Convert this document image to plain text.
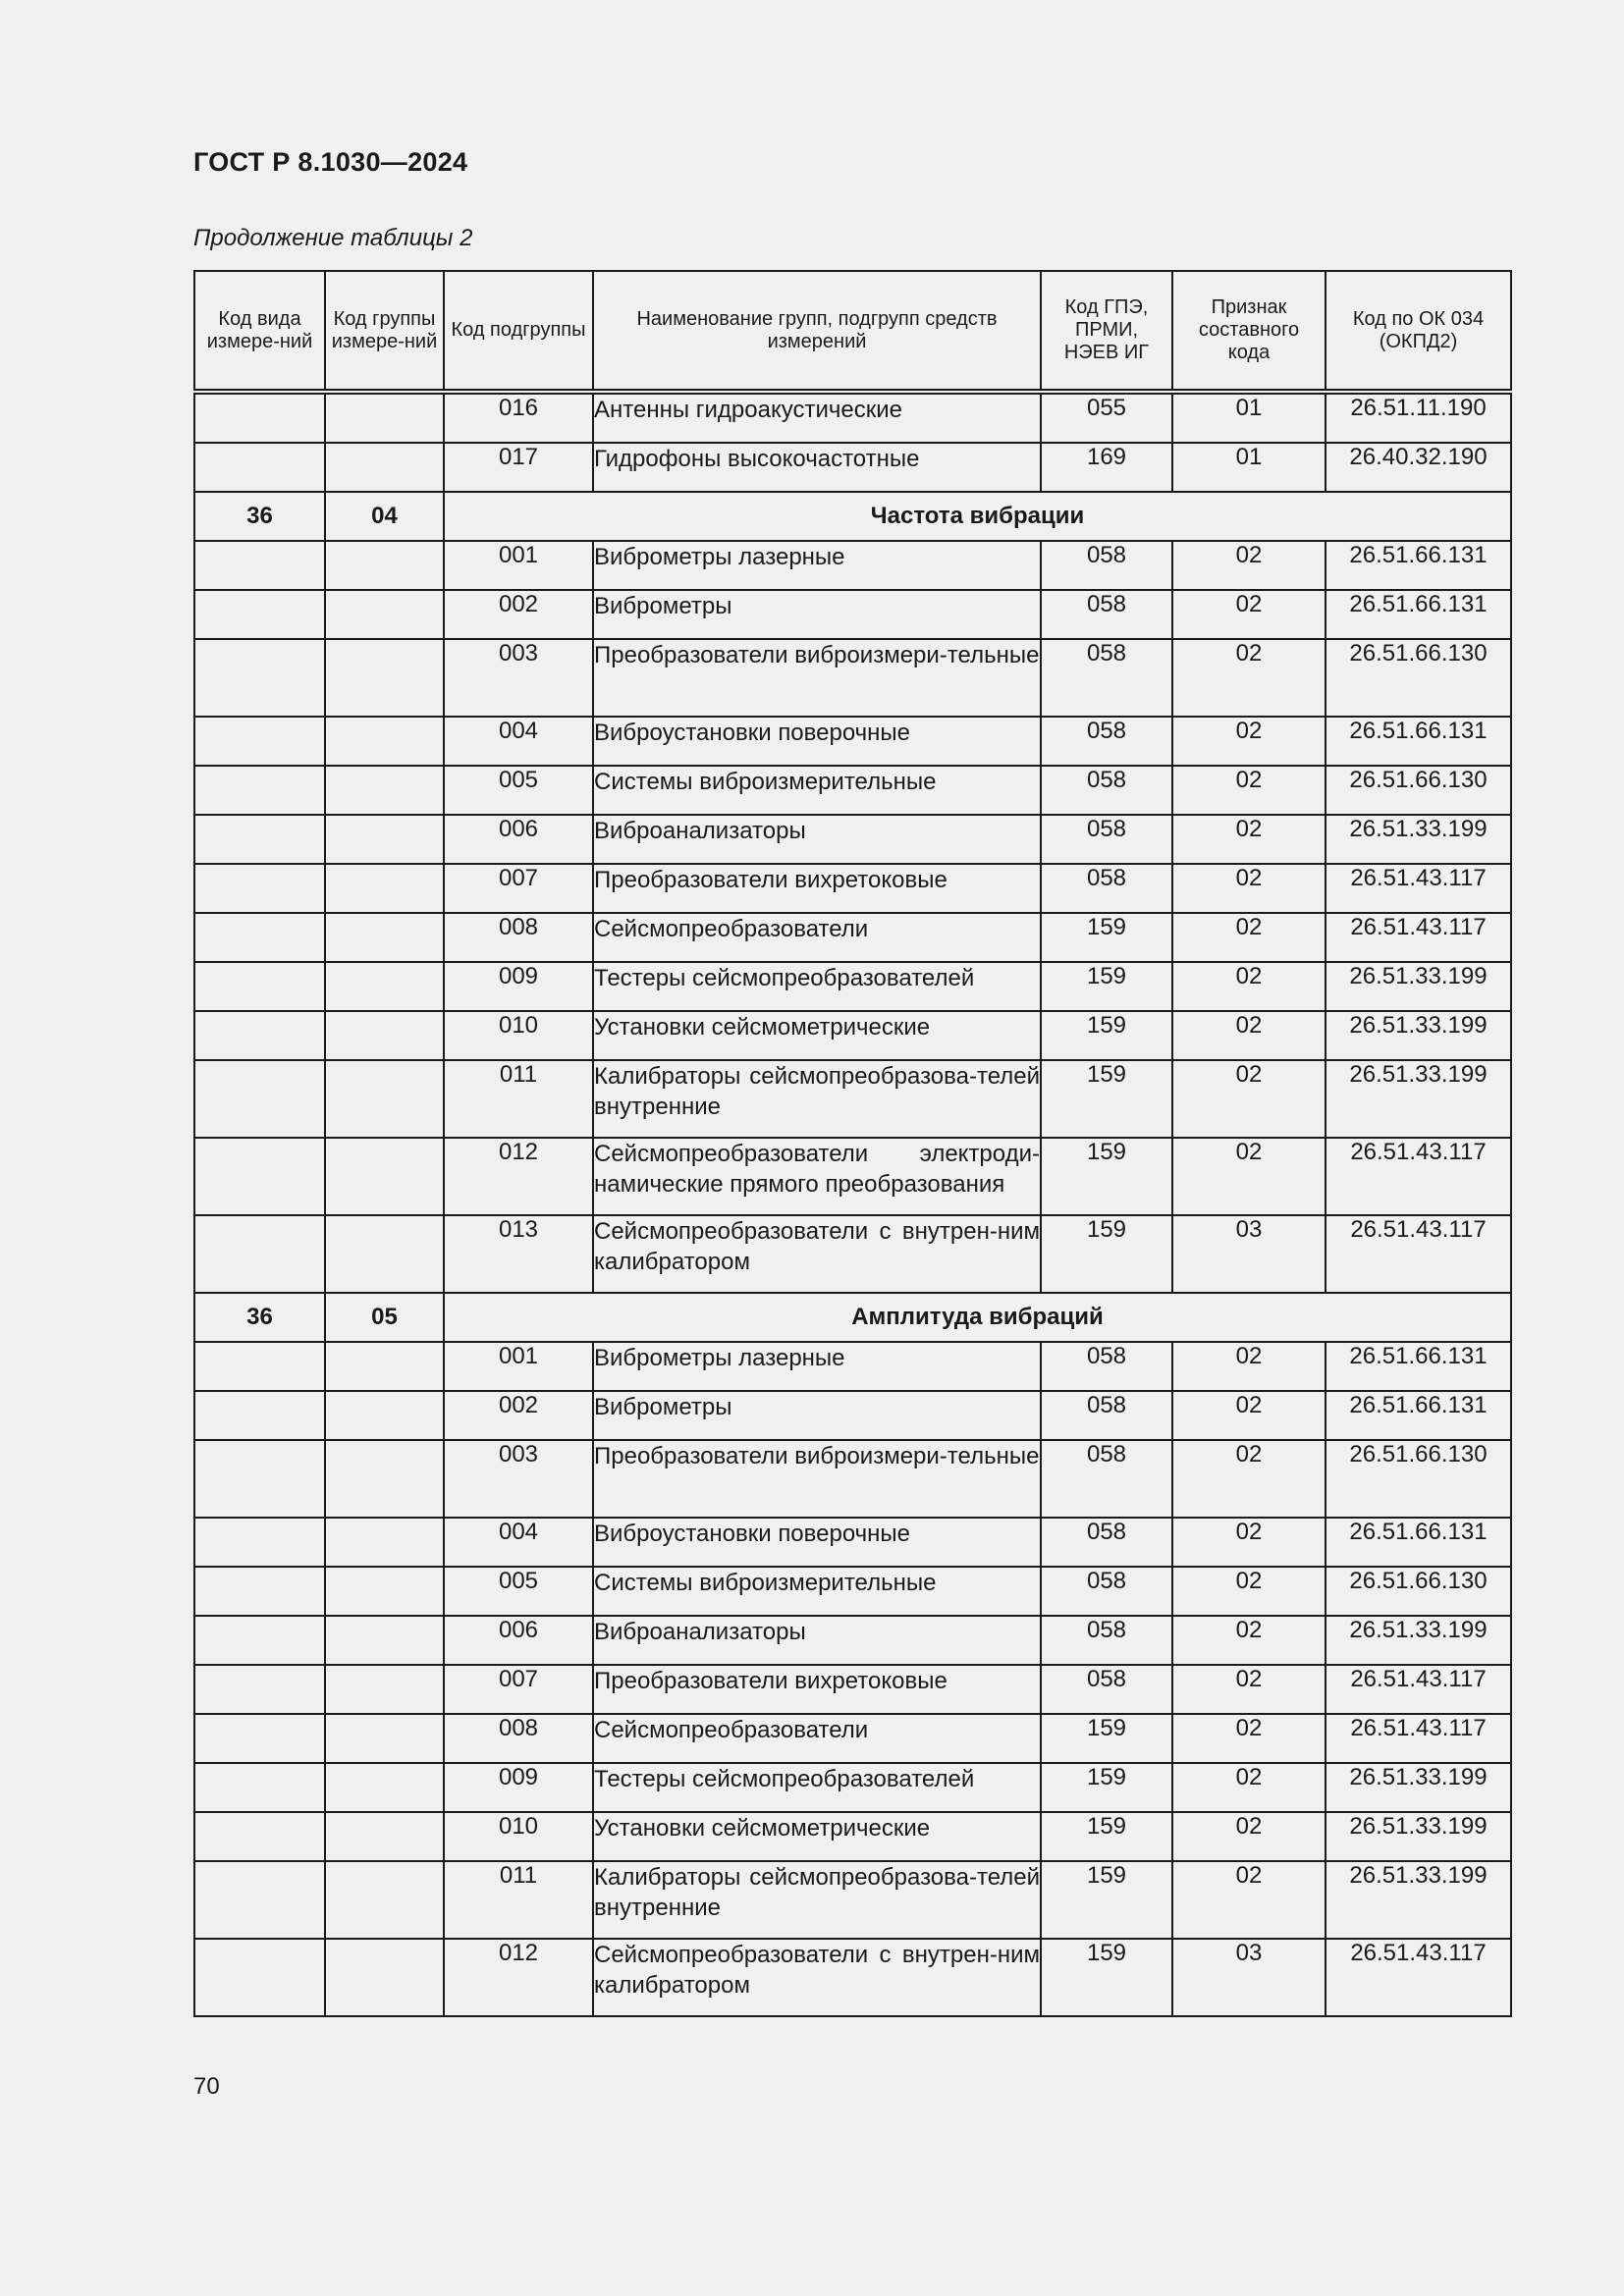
ГОСТ Р 8.1030—2024
Продолжение таблицы 2
Код вида измере-ний	Код группы измере-ний	Код подгруппы	Наименование групп, подгрупп средств измерений	Код ГПЭ, ПРМИ, НЭЕВ ИГ	Признак составного кода	Код по ОК 034 (ОКПД2)
		016	Антенны гидроакустические	055	01	26.51.11.190
		017	Гидрофоны высокочастотные	169	01	26.40.32.190
36	04	Частота вибрации				
		001	Виброметры лазерные	058	02	26.51.66.131
		002	Виброметры	058	02	26.51.66.131
		003	Преобразователи виброизмери-тельные	058	02	26.51.66.130
		004	Виброустановки поверочные	058	02	26.51.66.131
		005	Системы виброизмерительные	058	02	26.51.66.130
		006	Виброанализаторы	058	02	26.51.33.199
		007	Преобразователи вихретоковые	058	02	26.51.43.117
		008	Сейсмопреобразователи	159	02	26.51.43.117
		009	Тестеры сейсмопреобразователей	159	02	26.51.33.199
		010	Установки сейсмометрические	159	02	26.51.33.199
		011	Калибраторы сейсмопреобразова-телей внутренние	159	02	26.51.33.199
		012	Сейсмопреобразователи электроди-намические прямого преобразования	159	02	26.51.43.117
		013	Сейсмопреобразователи с внутрен-ним калибратором	159	03	26.51.43.117
36	05	Амплитуда вибраций				
		001	Виброметры лазерные	058	02	26.51.66.131
		002	Виброметры	058	02	26.51.66.131
		003	Преобразователи виброизмери-тельные	058	02	26.51.66.130
		004	Виброустановки поверочные	058	02	26.51.66.131
		005	Системы виброизмерительные	058	02	26.51.66.130
		006	Виброанализаторы	058	02	26.51.33.199
		007	Преобразователи вихретоковые	058	02	26.51.43.117
		008	Сейсмопреобразователи	159	02	26.51.43.117
		009	Тестеры сейсмопреобразователей	159	02	26.51.33.199
		010	Установки сейсмометрические	159	02	26.51.33.199
		011	Калибраторы сейсмопреобразова-телей внутренние	159	02	26.51.33.199
		012	Сейсмопреобразователи с внутрен-ним калибратором	159	03	26.51.43.117
70
